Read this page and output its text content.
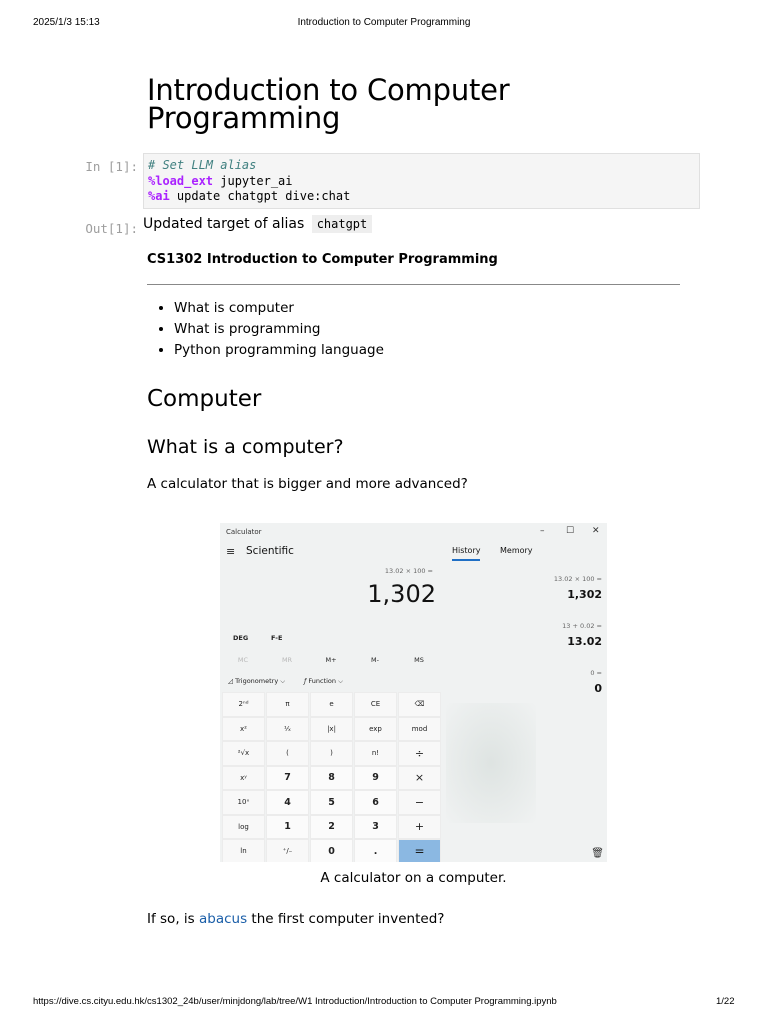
2025/1/3 15:13	Introduction to Computer Programming
Introduction to Computer
Programming
In [1]: # Set LLM alias
%load_ext jupyter_ai
%ai update chatgpt dive:chat
Out[1]: Updated target of alias chatgpt
CS1302 Introduction to Computer Programming
• What is computer
• What is programming
• Python programming language
Computer
What is a computer?
A calculator that is bigger and more advanced?
Calculator	– ☐ ✕
≡ Scientific
13.02 × 100 =
1,302
DEG	F-E
MC	MR	M+	M-	MS
◿ Trigonometry ⌵	ƒ Function ⌵
2ⁿᵈ	π	e	CE	⌫
x²	¹⁄ₓ	|x|	exp	mod
²√x	(	)	n!	÷
xʸ	7	8	9	×
10ˣ	4	5	6	−
log	1	2	3	+
ln	⁺/₋	0	.	=
History Memory
13.02 × 100 =
1,302
13 + 0.02 =
13.02
0 =
0
🗑
A calculator on a computer.
If so, is abacus the first computer invented?
https://dive.cs.cityu.edu.hk/cs1302_24b/user/minjdong/lab/tree/W1 Introduction/Introduction to Computer Programming.ipynb	1/22
